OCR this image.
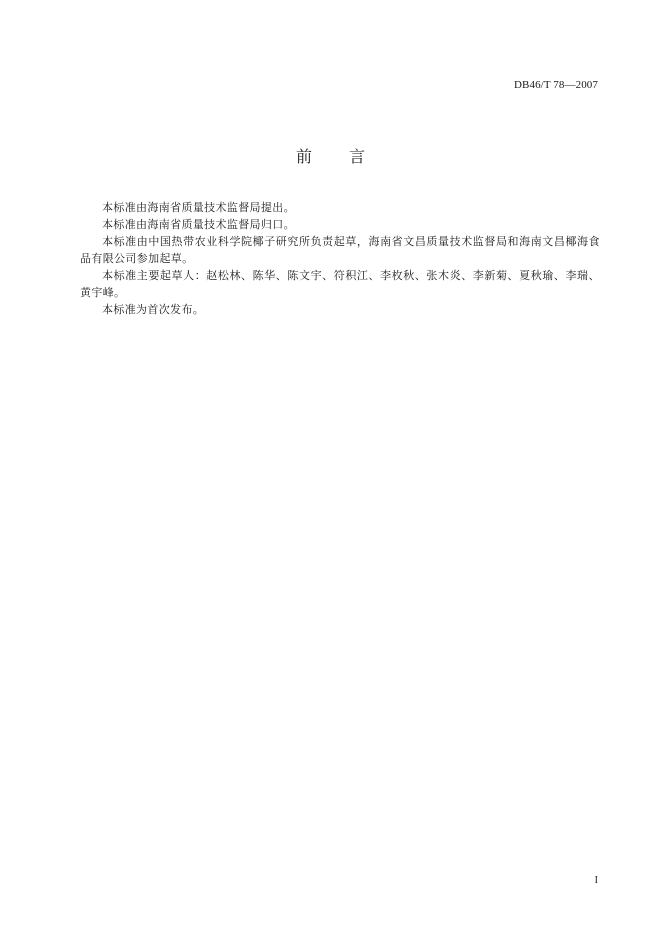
DB46/T 78—2007
前 言

本标准由海南省质量技术监督局提出。

本标准由海南省质量技术监督局归口。

本标准由中国热带农业科学院椰子研究所负责起草，海南省文昌质量技术监督局和海南文昌椰海食品有限公司参加起草。

本标准主要起草人：赵松林、陈华、陈文宇、符积江、李枚秋、张木炎、李新菊、夏秋瑜、李瑞、黄宇峰。

本标准为首次发布。

I
